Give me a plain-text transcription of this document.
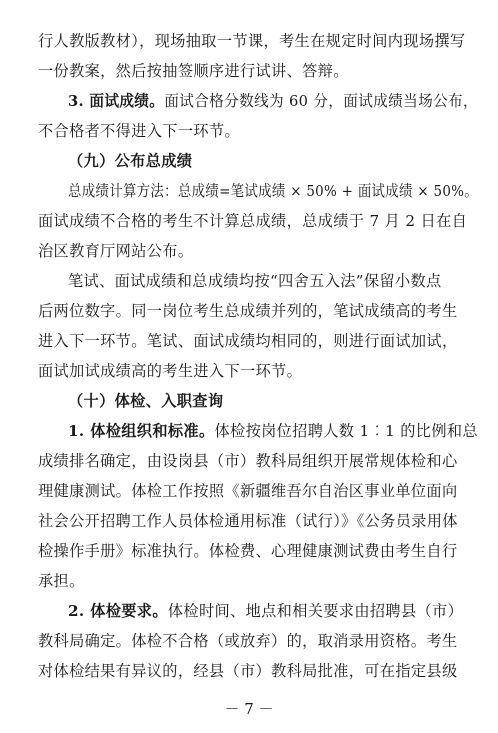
行人教版教材），现场抽取一节课，考生在规定时间内现场撰写
一份教案，然后按抽签顺序进行试讲、答辩。
3. 面试成绩。面试合格分数线为 60 分，面试成绩当场公布，
不合格者不得进入下一环节。
（九）公布总成绩
总成绩计算方法：总成绩=笔试成绩 × 50% + 面试成绩 × 50%。
面试成绩不合格的考生不计算总成绩，总成绩于 7 月 2 日在自
治区教育厅网站公布。
笔试、面试成绩和总成绩均按“四舍五入法”保留小数点
后两位数字。同一岗位考生总成绩并列的，笔试成绩高的考生
进入下一环节。笔试、面试成绩均相同的，则进行面试加试，
面试加试成绩高的考生进入下一环节。
（十）体检、入职查询
1. 体检组织和标准。体检按岗位招聘人数 1︰1 的比例和总
成绩排名确定，由设岗县（市）教科局组织开展常规体检和心
理健康测试。体检工作按照《新疆维吾尔自治区事业单位面向
社会公开招聘工作人员体检通用标准（试行）》《公务员录用体
检操作手册》标准执行。体检费、心理健康测试费由考生自行
承担。
2. 体检要求。体检时间、地点和相关要求由招聘县（市）
教科局确定。体检不合格（或放弃）的，取消录用资格。考生
对体检结果有异议的，经县（市）教科局批准，可在指定县级
－ 7 －
